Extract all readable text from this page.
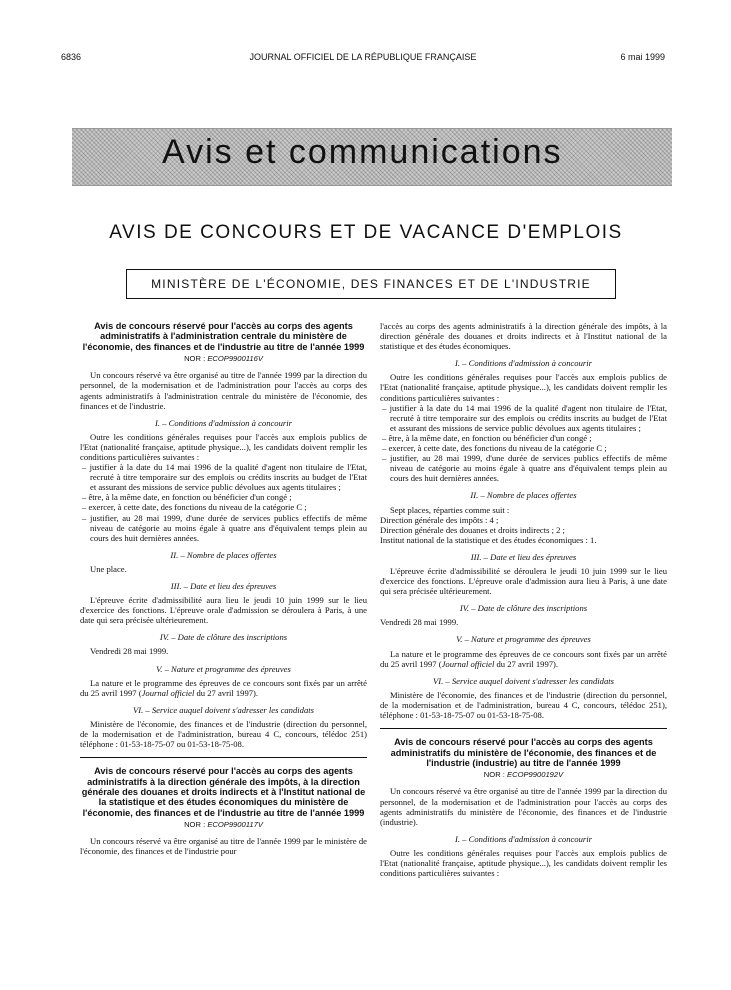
6836	JOURNAL OFFICIEL DE LA RÉPUBLIQUE FRANÇAISE	6 mai 1999
Avis et communications
AVIS DE CONCOURS ET DE VACANCE D'EMPLOIS
MINISTÈRE DE L'ÉCONOMIE, DES FINANCES ET DE L'INDUSTRIE

Avis de concours réservé pour l'accès au corps des agents administratifs à l'administration centrale du ministère de l'économie, des finances et de l'industrie au titre de l'année 1999

NOR : ECOP9900116V

Un concours réservé va être organisé au titre de l'année 1999 par la direction du personnel, de la modernisation et de l'administration pour l'accès au corps des agents administratifs à l'administration centrale du ministère de l'économie, des finances et de l'industrie.

I. – Conditions d'admission à concourir

Outre les conditions générales requises pour l'accès aux emplois publics de l'Etat (nationalité française, aptitude physique...), les candidats doivent remplir les conditions particulières suivantes :

– justifier à la date du 14 mai 1996 de la qualité d'agent non titulaire de l'Etat, recruté à titre temporaire sur des emplois ou crédits inscrits au budget de l'Etat et assurant des missions de service public dévolues aux agents titulaires ;
– être, à la même date, en fonction ou bénéficier d'un congé ;
– exercer, à cette date, des fonctions du niveau de la catégorie C ;
– justifier, au 28 mai 1999, d'une durée de services publics effectifs de même niveau de catégorie au moins égale à quatre ans d'équivalent temps plein au cours des huit dernières années.

II. – Nombre de places offertes

Une place.

III. – Date et lieu des épreuves

L'épreuve écrite d'admissibilité aura lieu le jeudi 10 juin 1999 sur le lieu d'exercice des fonctions. L'épreuve orale d'admission se déroulera à Paris, à une date qui sera précisée ultérieurement.

IV. – Date de clôture des inscriptions

Vendredi 28 mai 1999.

V. – Nature et programme des épreuves

La nature et le programme des épreuves de ce concours sont fixés par un arrêté du 25 avril 1997 (Journal officiel du 27 avril 1997).

VI. – Service auquel doivent s'adresser les candidats

Ministère de l'économie, des finances et de l'industrie (direction du personnel, de la modernisation et de l'administration, bureau 4 C, concours, télédoc 251) téléphone : 01-53-18-75-07 ou 01-53-18-75-08.

Avis de concours réservé pour l'accès au corps des agents administratifs à la direction générale des impôts, à la direction générale des douanes et droits indirects et à l'Institut national de la statistique et des études économiques du ministère de l'économie, des finances et de l'industrie au titre de l'année 1999

NOR : ECOP9900117V

Un concours réservé va être organisé au titre de l'année 1999 par le ministère de l'économie, des finances et de l'industrie pour

l'accès au corps des agents administratifs à la direction générale des impôts, à la direction générale des douanes et droits indirects et à l'Institut national de la statistique et des études économiques.

I. – Conditions d'admission à concourir

Outre les conditions générales requises pour l'accès aux emplois publics de l'Etat (nationalité française, aptitude physique...), les candidats doivent remplir les conditions particulières suivantes :

– justifier à la date du 14 mai 1996 de la qualité d'agent non titulaire de l'Etat, recruté à titre temporaire sur des emplois ou crédits inscrits au budget de l'Etat et assurant des missions de service public dévolues aux agents titulaires ;
– être, à la même date, en fonction ou bénéficier d'un congé ;
– exercer, à cette date, des fonctions du niveau de la catégorie C ;
– justifier, au 28 mai 1999, d'une durée de services publics effectifs de même niveau de catégorie au moins égale à quatre ans d'équivalent temps plein au cours des huit dernières années.

II. – Nombre de places offertes

Sept places, réparties comme suit :

Direction générale des impôts : 4 ;

Direction générale des douanes et droits indirects ; 2 ;

Institut national de la statistique et des études économiques : 1.

III. – Date et lieu des épreuves

L'épreuve écrite d'admissibilité se déroulera le jeudi 10 juin 1999 sur le lieu d'exercice des fonctions. L'épreuve orale d'admission aura lieu à Paris, à une date qui sera précisée ultérieurement.

IV. – Date de clôture des inscriptions

Vendredi 28 mai 1999.

V. – Nature et programme des épreuves

La nature et le programme des épreuves de ce concours sont fixés par un arrêté du 25 avril 1997 (Journal officiel du 27 avril 1997).

VI. – Service auquel doivent s'adresser les candidats

Ministère de l'économie, des finances et de l'industrie (direction du personnel, de la modernisation et de l'administration, bureau 4 C, concours, télédoc 251), téléphone : 01-53-18-75-07 ou 01-53-18-75-08.

Avis de concours réservé pour l'accès au corps des agents administratifs du ministère de l'économie, des finances et de l'industrie (industrie) au titre de l'année 1999

NOR : ECOP9900192V

Un concours réservé va être organisé au titre de l'année 1999 par la direction du personnel, de la modernisation et de l'administration pour l'accès au corps des agents administratifs du ministère de l'économie, des finances et de l'industrie (industrie).

I. – Conditions d'admission à concourir

Outre les conditions générales requises pour l'accès aux emplois publics de l'Etat (nationalité française, aptitude physique...), les candidats doivent remplir les conditions particulières suivantes :
